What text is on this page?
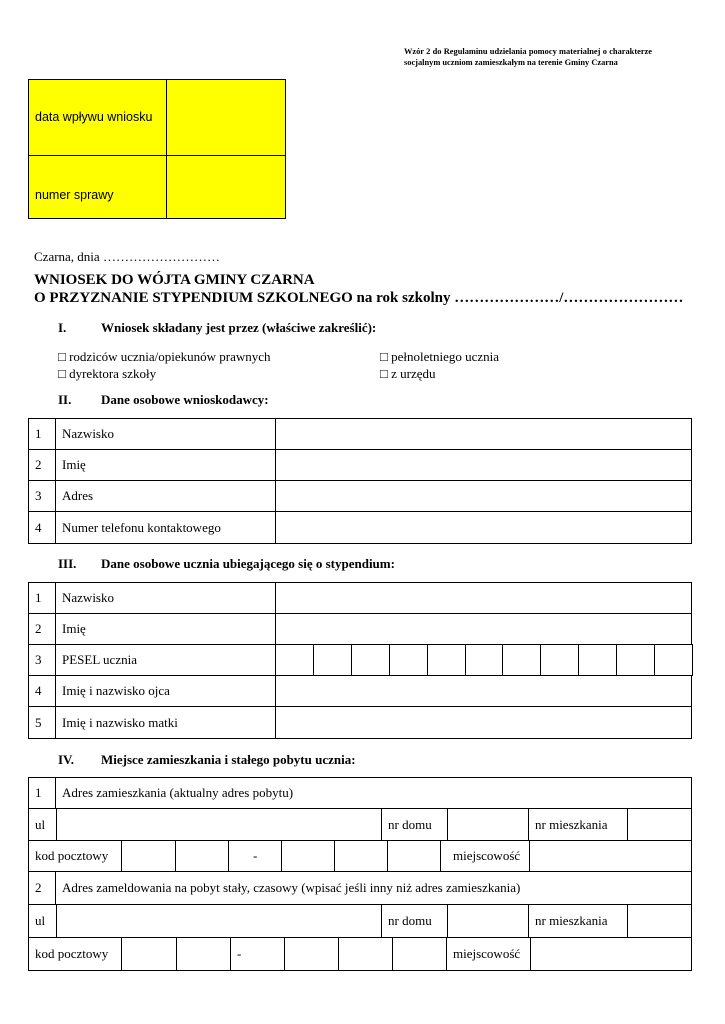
Wzór 2 do Regulaminu udzielania pomocy materialnej o charakterze socjalnym uczniom zamieszkałym na terenie Gminy Czarna
data wpływu wniosku
numer sprawy
Czarna, dnia ………………………
WNIOSEK DO WÓJTA GMINY CZARNA
O PRZYZNANIE STYPENDIUM SZKOLNEGO na rok szkolny …………………/……………………
I.	Wniosek składany jest przez (właściwe zakreślić):
□ rodziców ucznia/opiekunów prawnych	□ pełnoletniego ucznia
□ dyrektora szkoły	□ z urzędu
II. Dane osobowe wnioskodawcy:
1 Nazwisko
2 Imię
3 Adres
4 Numer telefonu kontaktowego
III. Dane osobowe ucznia ubiegającego się o stypendium:
1 Nazwisko
2 Imię
3 PESEL ucznia
4 Imię i nazwisko ojca
5 Imię i nazwisko matki
IV. Miejsce zamieszkania i stałego pobytu ucznia:
1 Adres zamieszkania (aktualny adres pobytu)
ul	nr domu	nr mieszkania
kod pocztowy	-	miejscowość
2 Adres zameldowania na pobyt stały, czasowy (wpisać jeśli inny niż adres zamieszkania)
ul	nr domu	nr mieszkania
kod pocztowy	-	miejscowość
